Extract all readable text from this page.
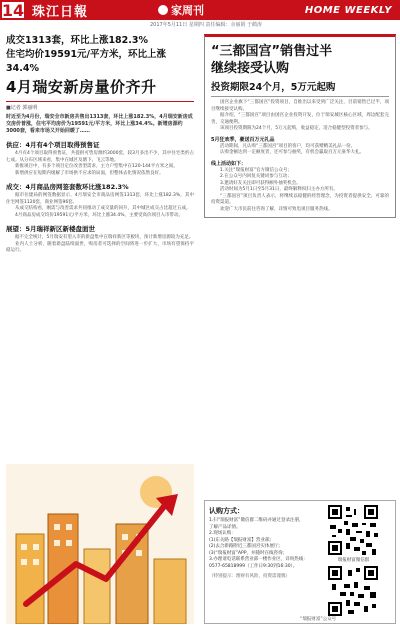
14 珠江日報	家周刊	HOME WEEKLY
2017年5月11日 星期四 责任编辑：余丽娟 于鹤涛
成交1313套，环比上涨182.3%
住宅均价19591元/平方米，环比上涨34.4%
4月瑞安新房量价齐升
■记者 郭丽明
时近至为4月份，瑞安全市新房共售出1313套，环比上涨182.3%，4月瑞安新房成交房价普涨，住宅平均房价为19591元/平方米，环比上涨34.4%。新增房源约3000套，看来市场又开始回暖了……
供应：4月有4个项目取得预售证

4月有4个项目取得预售证，共提供可售房源约3000套，较3月多出不少，其中住宅类约占七成。从分布区域来看，集中在城区及塘下、飞云等地。

新推项目中，有多个项目定位改善型需求，主力户型集中在120-144平方米之间。

新增供应在短期内缓解了市场供不应求的局面，但整体去化情况依然良好。

成交：4月商品房网签套数环比涨182.3%

据市住建局的网签数据显示，4月瑞安全市商品房网签1313套，环比上涨182.3%，其中住宅网签1120套，商业网签96套。

从成交结构看，刚需与改善需求共同推动了成交量的回升，其中城区成交占比超过五成。

4月商品房成交均价19591元/平方米，环比上涨34.4%，主要受高价项目入市带动。

展望：5月瑞祥新区新楼盘面世

据不完全统计，5月瑞安有望入市的新盘集中在瑞祥新区等板块，预计新增房源较为充足。

业内人士分析，随着新盘陆续面世，购房者可选择的空间将进一步扩大，市场有望保持平稳运行。

“三都国宫”销售过半
继续接受认购
投资期限24个月，5万元起购

国宫企业旗下“三都国宫”投资项目，自推出以来受到广泛关注，目前销售已过半，项目继续接受认购。

据介绍，“三都国宫”项目由国宫企业投资开发，位于瑞安城区核心区域，周边配套完善，交通便利。

该项目投资期限为24个月，5万元起购，收益稳定，适合稳健型投资者参与。

5月狂欢季，豪送百万元礼品

活动期间，凡认购“三都国宫”项目的客户，均可获赠精美礼品一份。

认购金额达到一定额度者，还可参与抽奖，有机会赢取百万元豪华大礼。

线上活动如下：

1.关注“瑞报财富”官方微信公众号；

2.在公众号内回复关键词参与互动；

3.邀请好友关注即可获得额外抽奖机会。

活动时间为5月1日至5月31日，最终解释权归主办方所有。

“三都国宫”项目负责人表示，将继续以稳健的经营理念，为投资者提供安全、可靠的投资渠道。

欢迎广大市民前往咨询了解，详情可致电项目服务热线。

认购方式：
1.扫“瑞报财富”微信群二维码并通过登录注册，了解产品详情。
2.现场认购：
(1)东关路【瑞报财富】营业部;
(2)去合新路附近三都国宫实体展厅;
(3)“瑞报财富”APP，并随时在线咨询；
3.办理请电话联系营业部一楼作业区，详询热线：0577-65818999（工作日9:30到16:30）。
（特别提示：理财有风险，投资需谨慎）
瑞报财富微信群
“瑞报财富”公众号
